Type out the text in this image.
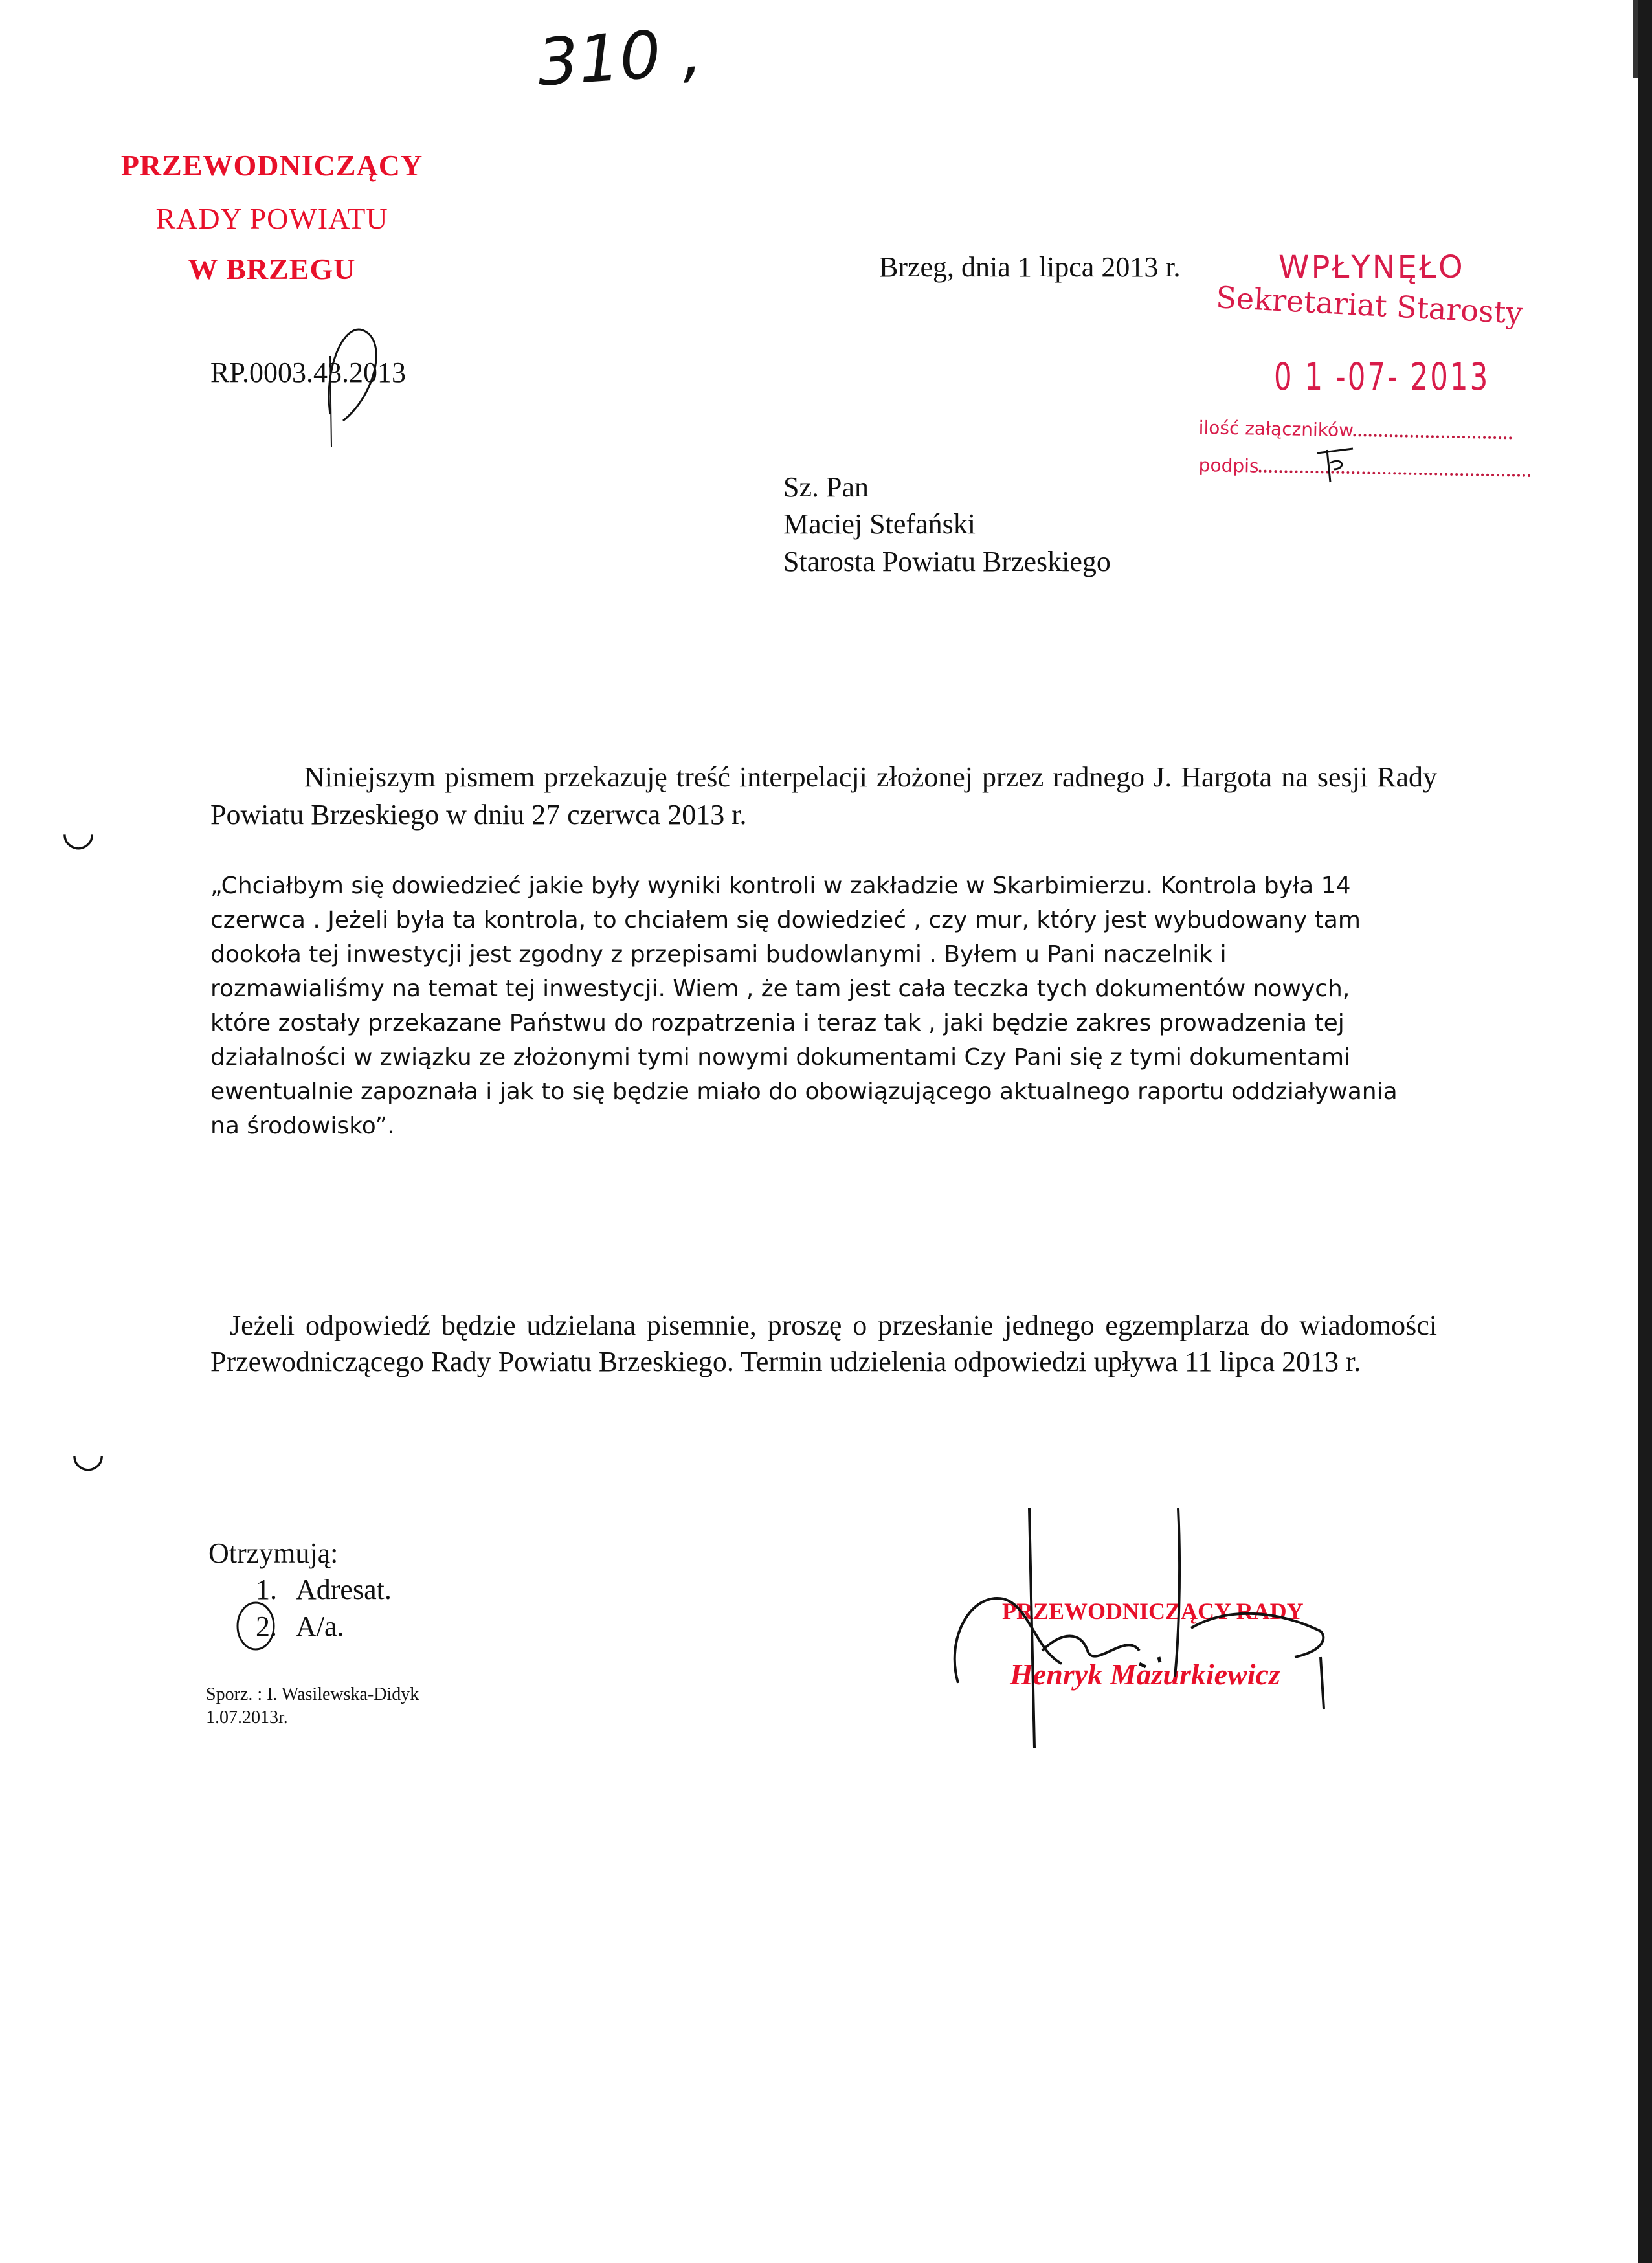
310 ,
PRZEWODNICZĄCY
RADY POWIATU
W BRZEGU
RP.0003.43.2013
Brzeg, dnia 1 lipca 2013 r.	WPŁYNĘŁO
Sekretariat Starosty
0 1 -07- 2013
ilość załączników
podpis
Sz. Pan
Maciej Stefański
Starosta Powiatu Brzeskiego
Niniejszym pismem przekazuję treść interpelacji złożonej przez radnego J. Hargota na sesji Rady Powiatu Brzeskiego w dniu 27 czerwca 2013 r.
◡
◡
„Chciałbym się dowiedzieć jakie były wyniki kontroli w zakładzie w Skarbimierzu. Kontrola była 14
czerwca . Jeżeli była ta kontrola, to chciałem się dowiedzieć , czy mur, który jest wybudowany tam
dookoła tej inwestycji jest zgodny z przepisami budowlanymi . Byłem u Pani naczelnik i
rozmawialiśmy na temat tej inwestycji. Wiem , że tam jest cała teczka tych dokumentów nowych,
które zostały przekazane Państwu do rozpatrzenia i teraz tak , jaki będzie zakres prowadzenia tej
działalności w związku ze złożonymi tymi nowymi dokumentami Czy Pani się z tymi dokumentami
ewentualnie zapoznała i jak to się będzie miało do obowiązującego aktualnego raportu oddziaływania
na środowisko”.
Jeżeli odpowiedź będzie udzielana pisemnie, proszę o przesłanie jednego egzemplarza do wiadomości Przewodniczącego Rady Powiatu Brzeskiego. Termin udzielenia odpowiedzi upływa 11 lipca 2013 r.
Otrzymują:
1. Adresat.
2. A/a.
Sporz. : I. Wasilewska-Didyk
1.07.2013r.
PRZEWODNICZĄCY RADY
Henryk Mazurkiewicz
